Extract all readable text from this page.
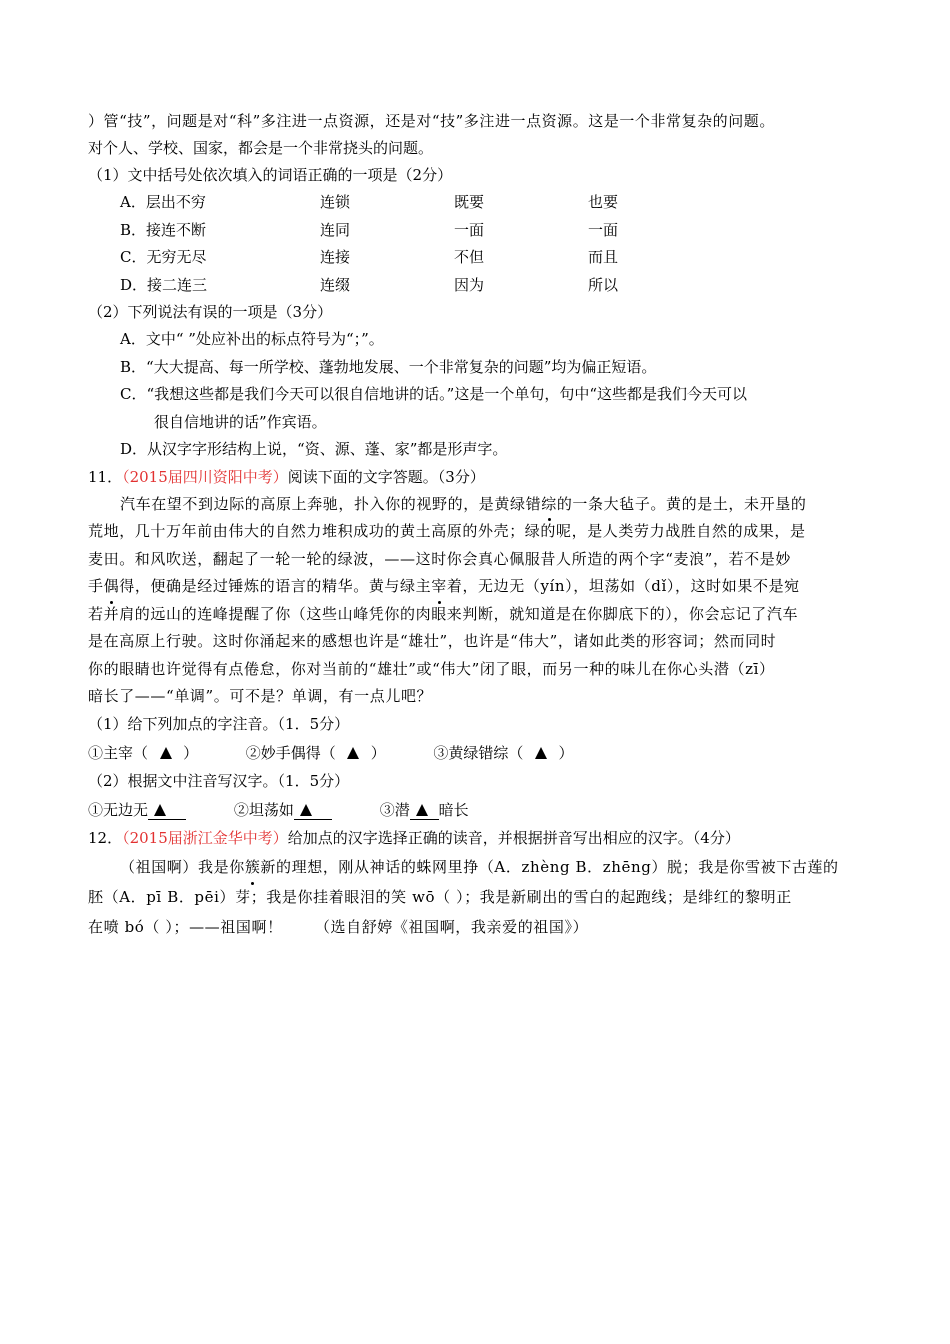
）管“技”，问题是对“科”多注进一点资源，还是对“技”多注进一点资源。这是一个非常复杂的问题。
对个人、学校、国家，都会是一个非常挠头的问题。
（1）文中括号处依次填入的词语正确的一项是（2分）
A．层出不穷	连锁	既要	也要
B．接连不断	连同	一面	一面
C．无穷无尽	连接	不但	而且
D．接二连三	连缀	因为	所以
（2）下列说法有误的一项是（3分）
A．文中“ ”处应补出的标点符号为“；”。
B．“大大提高、每一所学校、蓬勃地发展、一个非常复杂的问题”均为偏正短语。
C．“我想这些都是我们今天可以很自信地讲的话。”这是一个单句，句中“这些都是我们今天可以
很自信地讲的话”作宾语。
D．从汉字字形结构上说，“资、源、蓬、家”都是形声字。
11．（2015届四川资阳中考）阅读下面的文字答题。（3分）
汽车在望不到边际的高原上奔驰，扑入你的视野的，是黄绿错综的一条大毡子。黄的是土，未开垦的
荒地，几十万年前由伟大的自然力堆积成功的黄土高原的外壳；绿的呢，是人类劳力战胜自然的成果，是
麦田。和风吹送，翻起了一轮一轮的绿波，——这时你会真心佩服昔人所造的两个字“麦浪”，若不是妙
手偶得，便确是经过锤炼的语言的精华。黄与绿主宰着，无边无（yín），坦荡如（dǐ），这时如果不是宛
若并肩的远山的连峰提醒了你（这些山峰凭你的肉眼来判断，就知道是在你脚底下的），你会忘记了汽车
是在高原上行驶。这时你涌起来的感想也许是“雄壮”，也许是“伟大”，诸如此类的形容词；然而同时
你的眼睛也许觉得有点倦怠，你对当前的“雄壮”或“伟大”闭了眼，而另一种的味儿在你心头潜（zī）
暗长了——“单调”。可不是？单调，有一点儿吧？
（1）给下列加点的字注音。（1．5分）
①主宰（ ）	②妙手偶得（ ）	③黄绿错综（ ）
（2）根据文中注音写汉字。（1．5分）
①无边无	②坦荡如	③潜 暗长
12．（2015届浙江金华中考）给加点的汉字选择正确的读音，并根据拼音写出相应的汉字。（4分）
（祖国啊）我是你簇新的理想，刚从神话的蛛网里挣（A．zhèng B．zhēng）脱；我是你雪被下古莲的
胚（A．pī B．pēi）芽；我是你挂着眼泪的笑 wō（ ）；我是新刷出的雪白的起跑线；是绯红的黎明正
在喷 bó（ ）；——祖国啊！ （选自舒婷《祖国啊，我亲爱的祖国》）
